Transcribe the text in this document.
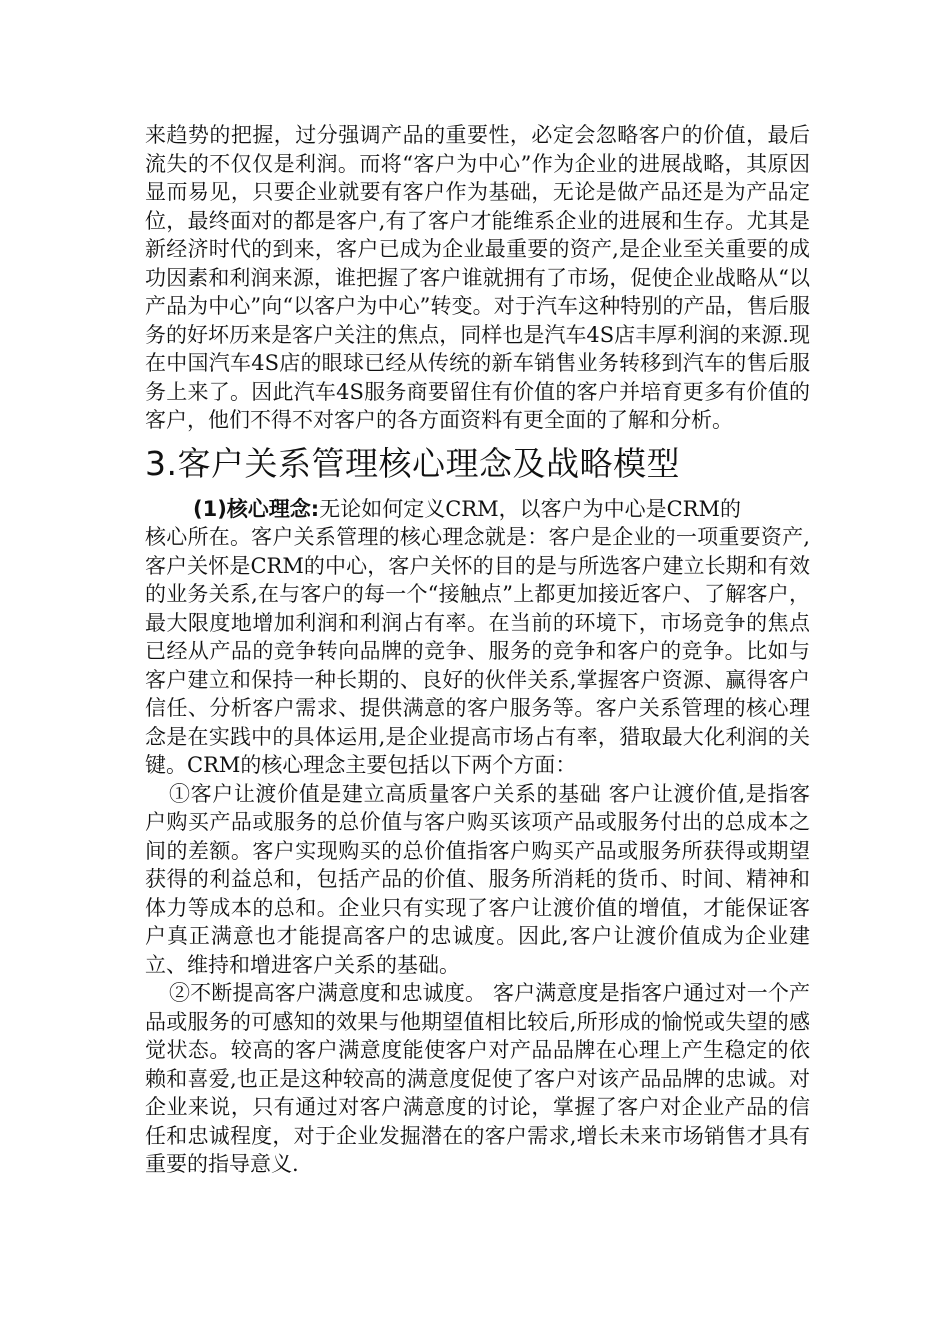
来趋势的把握，过分强调产品的重要性，必定会忽略客户的价值，最后流失的不仅仅是利润。而将“客户为中心”作为企业的进展战略，其原因显而易见，只要企业就要有客户作为基础，无论是做产品还是为产品定位，最终面对的都是客户,有了客户才能维系企业的进展和生存。尤其是新经济时代的到来，客户已成为企业最重要的资产,是企业至关重要的成功因素和利润来源，谁把握了客户谁就拥有了市场，促使企业战略从“以产品为中心”向“以客户为中心”转变。对于汽车这种特别的产品，售后服务的好坏历来是客户关注的焦点，同样也是汽车4S店丰厚利润的来源.现在中国汽车4S店的眼球已经从传统的新车销售业务转移到汽车的售后服务上来了。因此汽车4S服务商要留住有价值的客户并培育更多有价值的客户，他们不得不对客户的各方面资料有更全面的了解和分析。

3.客户关系管理核心理念及战略模型

(1)核心理念:无论如何定义CRM，以客户为中心是CRM的

核心所在。客户关系管理的核心理念就是：客户是企业的一项重要资产,客户关怀是CRM的中心，客户关怀的目的是与所选客户建立长期和有效的业务关系,在与客户的每一个“接触点”上都更加接近客户、了解客户，最大限度地增加利润和利润占有率。在当前的环境下，市场竞争的焦点已经从产品的竞争转向品牌的竞争、服务的竞争和客户的竞争。比如与客户建立和保持一种长期的、良好的伙伴关系,掌握客户资源、赢得客户信任、分析客户需求、提供满意的客户服务等。客户关系管理的核心理念是在实践中的具体运用,是企业提高市场占有率，猎取最大化利润的关键。CRM的核心理念主要包括以下两个方面：

①客户让渡价值是建立高质量客户关系的基础 客户让渡价值,是指客户购买产品或服务的总价值与客户购买该项产品或服务付出的总成本之间的差额。客户实现购买的总价值指客户购买产品或服务所获得或期望获得的利益总和，包括产品的价值、服务所消耗的货币、时间、精神和体力等成本的总和。企业只有实现了客户让渡价值的增值，才能保证客户真正满意也才能提高客户的忠诚度。因此,客户让渡价值成为企业建立、维持和增进客户关系的基础。

②不断提高客户满意度和忠诚度。 客户满意度是指客户通过对一个产品或服务的可感知的效果与他期望值相比较后,所形成的愉悦或失望的感觉状态。较高的客户满意度能使客户对产品品牌在心理上产生稳定的依赖和喜爱,也正是这种较高的满意度促使了客户对该产品品牌的忠诚。对企业来说，只有通过对客户满意度的讨论，掌握了客户对企业产品的信任和忠诚程度，对于企业发掘潜在的客户需求,增长未来市场销售才具有重要的指导意义.
